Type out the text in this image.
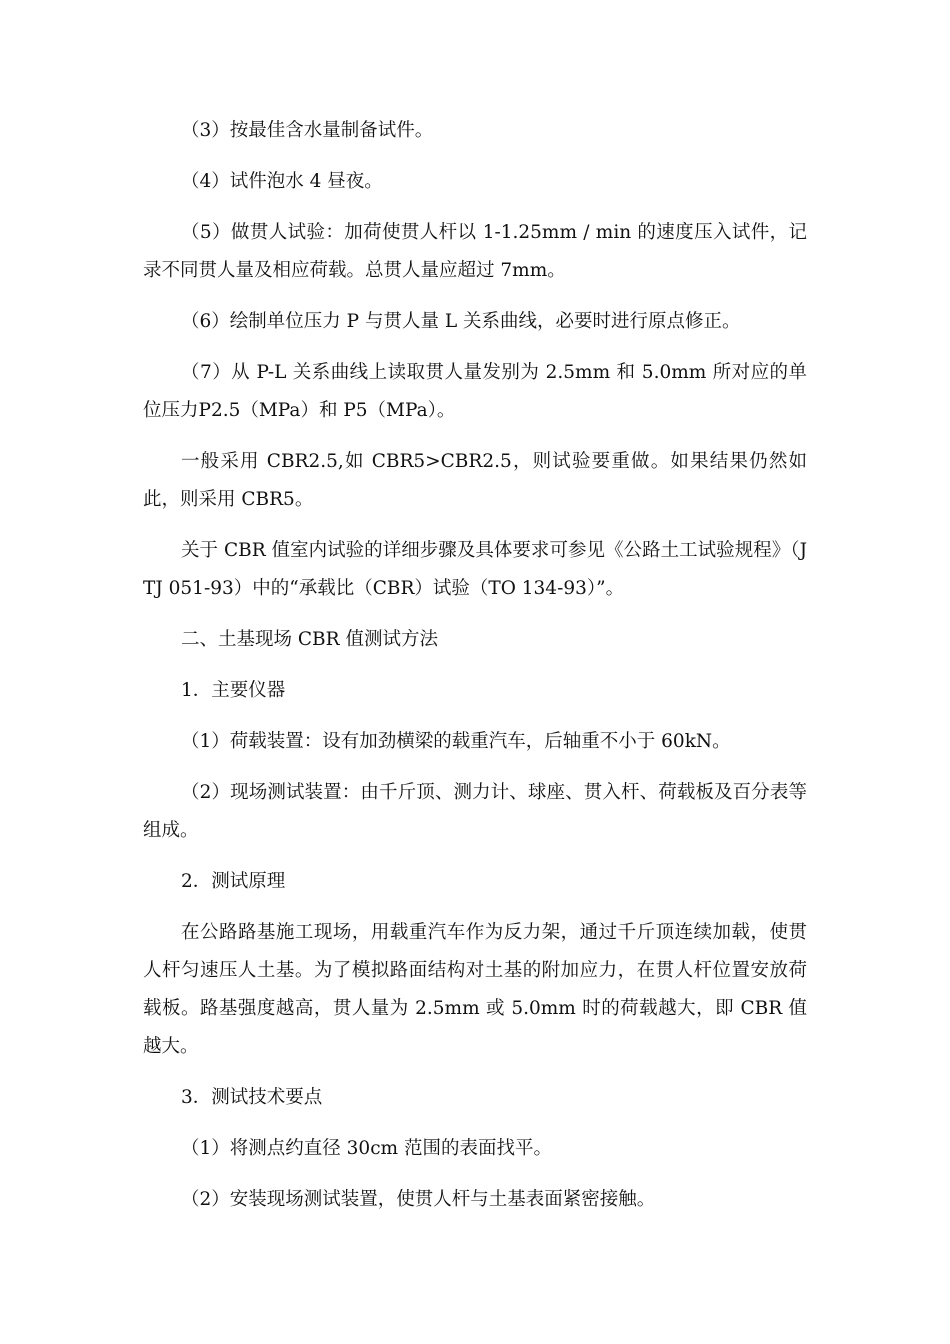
（3）按最佳含水量制备试件。

（4）试件泡水 4 昼夜。

（5）做贯人试验：加荷使贯人杆以 1-1.25mm / min 的速度压入试件，记录不同贯人量及相应荷载。总贯人量应超过 7mm。

（6）绘制单位压力 P 与贯人量 L 关系曲线，必要时进行原点修正。

（7）从 P-L 关系曲线上读取贯人量发别为 2.5mm 和 5.0mm 所对应的单位压力P2.5（MPa）和 P5（MPa）。

一般采用 CBR2.5,如 CBR5>CBR2.5，则试验要重做。如果结果仍然如此，则采用 CBR5。

关于 CBR 值室内试验的详细步骤及具体要求可参见《公路土工试验规程》（JTJ 051-93）中的“承载比（CBR）试验（TO 134-93）”。

二、土基现场 CBR 值测试方法

1．主要仪器

（1）荷载装置：设有加劲横梁的载重汽车，后轴重不小于 60kN。

（2）现场测试装置：由千斤顶、测力计、球座、贯入杆、荷载板及百分表等组成。

2．测试原理

在公路路基施工现场，用载重汽车作为反力架，通过千斤顶连续加载，使贯人杆匀速压人土基。为了模拟路面结构对土基的附加应力，在贯人杆位置安放荷载板。路基强度越高，贯人量为 2.5mm 或 5.0mm 时的荷载越大，即 CBR 值越大。

3．测试技术要点

（1）将测点约直径 30cm 范围的表面找平。

（2）安装现场测试装置，使贯人杆与土基表面紧密接触。
